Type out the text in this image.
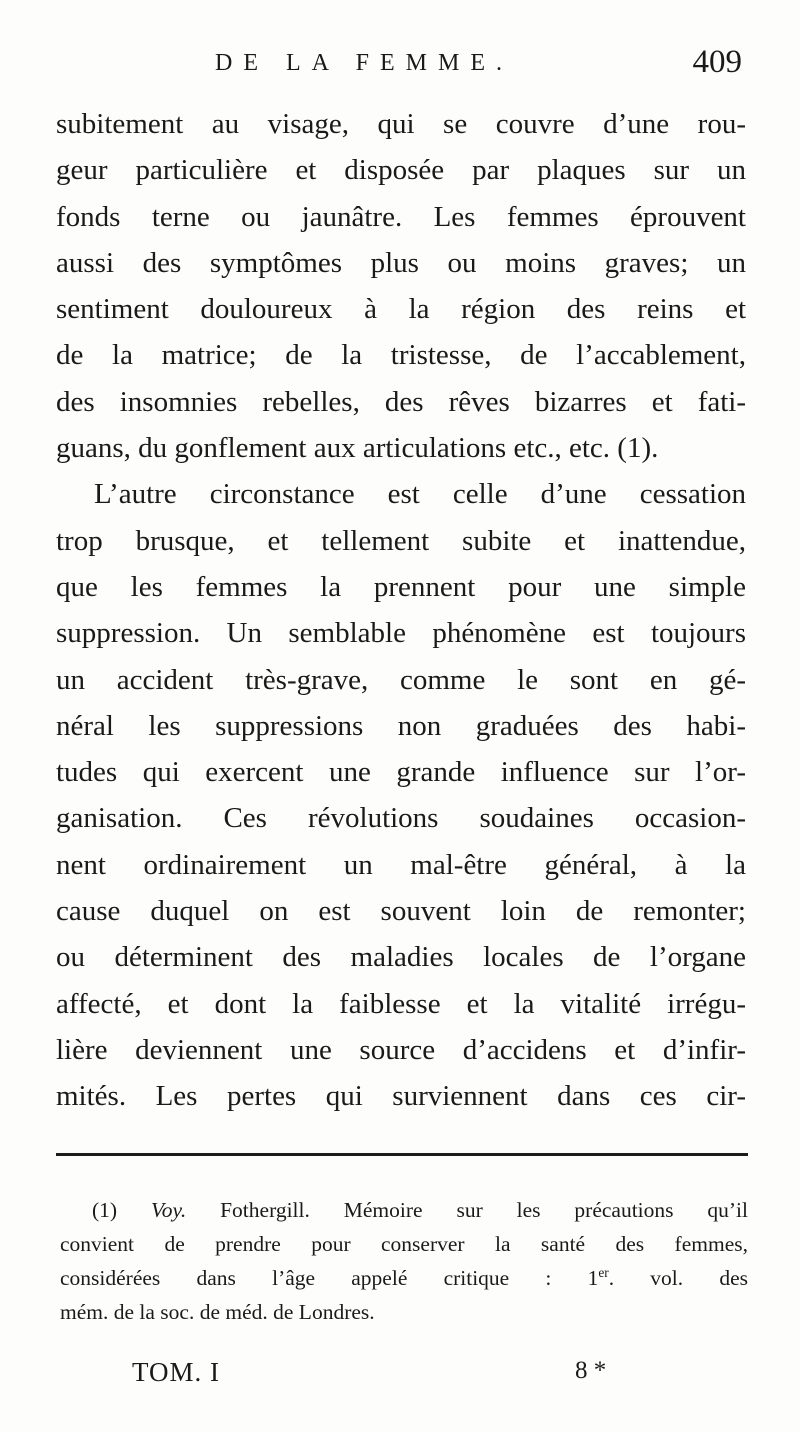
DE LA FEMME.	409
subitement au visage, qui se couvre d’une rou-
geur particulière et disposée par plaques sur un
fonds terne ou jaunâtre. Les femmes éprouvent
aussi des symptômes plus ou moins graves; un
sentiment douloureux à la région des reins et
de la matrice; de la tristesse, de l’accablement,
des insomnies rebelles, des rêves bizarres et fati-
guans, du gonflement aux articulations etc., etc. (1).
L’autre circonstance est celle d’une cessation
trop brusque, et tellement subite et inattendue,
que les femmes la prennent pour une simple
suppression. Un semblable phénomène est toujours
un accident très-grave, comme le sont en gé-
néral les suppressions non graduées des habi-
tudes qui exercent une grande influence sur l’or-
ganisation. Ces révolutions soudaines occasion-
nent ordinairement un mal-être général, à la
cause duquel on est souvent loin de remonter;
ou déterminent des maladies locales de l’organe
affecté, et dont la faiblesse et la vitalité irrégu-
lière deviennent une source d’accidens et d’infir-
mités. Les pertes qui surviennent dans ces cir-
(1) Voy. Fothergill. Mémoire sur les précautions qu’il
convient de prendre pour conserver la santé des femmes,
considérées dans l’âge appelé critique : 1er. vol. des
mém. de la soc. de méd. de Londres.
TOM. I	8 *
